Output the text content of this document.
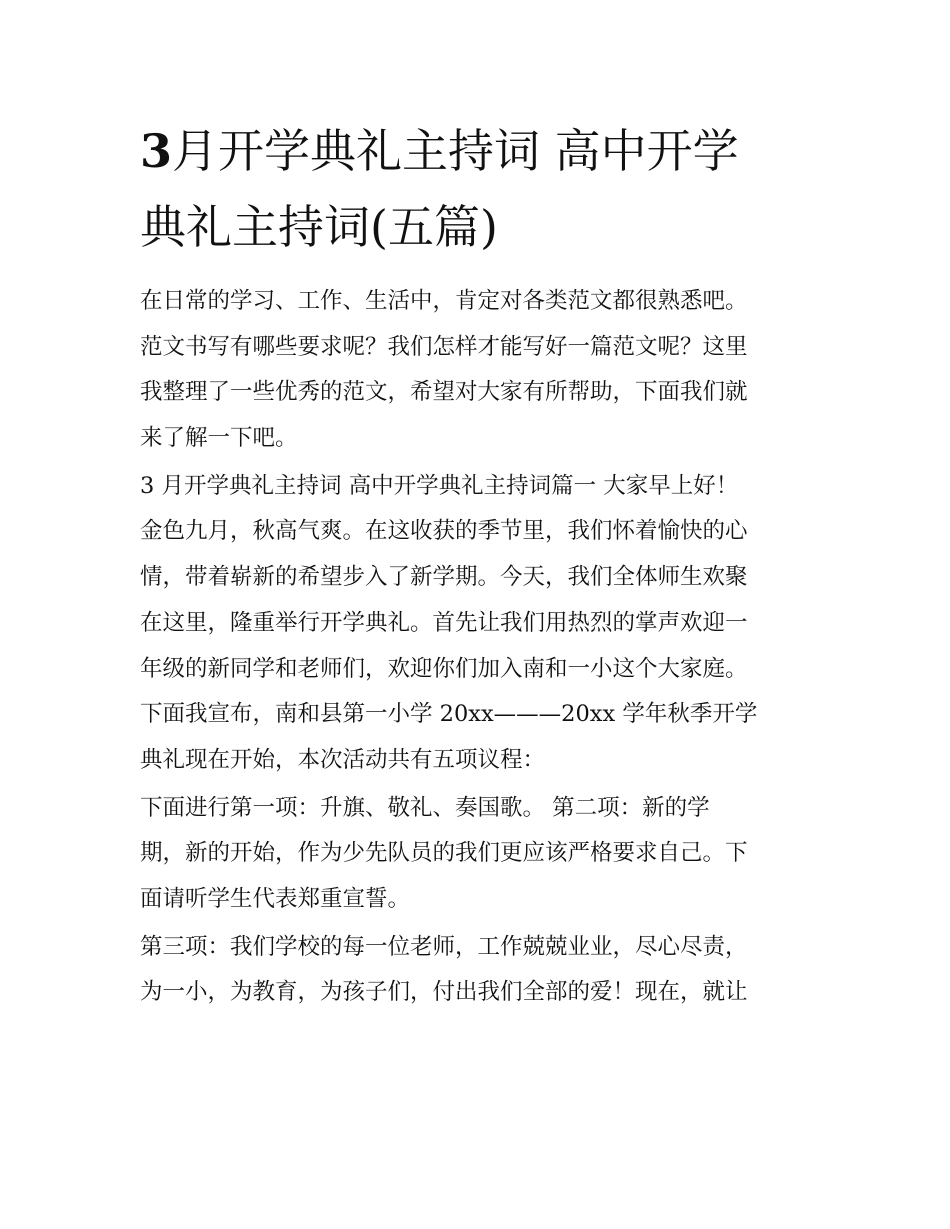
3月开学典礼主持词 高中开学
典礼主持词(五篇)

在日常的学习、工作、生活中，肯定对各类范文都很熟悉吧。
范文书写有哪些要求呢？我们怎样才能写好一篇范文呢？这里
我整理了一些优秀的范文，希望对大家有所帮助，下面我们就
来了解一下吧。

3 月开学典礼主持词 高中开学典礼主持词篇一 大家早上好！
金色九月，秋高气爽。在这收获的季节里，我们怀着愉快的心
情，带着崭新的希望步入了新学期。今天，我们全体师生欢聚
在这里，隆重举行开学典礼。首先让我们用热烈的掌声欢迎一
年级的新同学和老师们，欢迎你们加入南和一小这个大家庭。
下面我宣布，南和县第一小学 20xx———20xx 学年秋季开学
典礼现在开始，本次活动共有五项议程：

下面进行第一项：升旗、敬礼、奏国歌。 第二项：新的学
期，新的开始，作为少先队员的我们更应该严格要求自己。下
面请听学生代表郑重宣誓。

第三项：我们学校的每一位老师，工作兢兢业业，尽心尽责，
为一小，为教育，为孩子们，付出我们全部的爱！现在，就让
